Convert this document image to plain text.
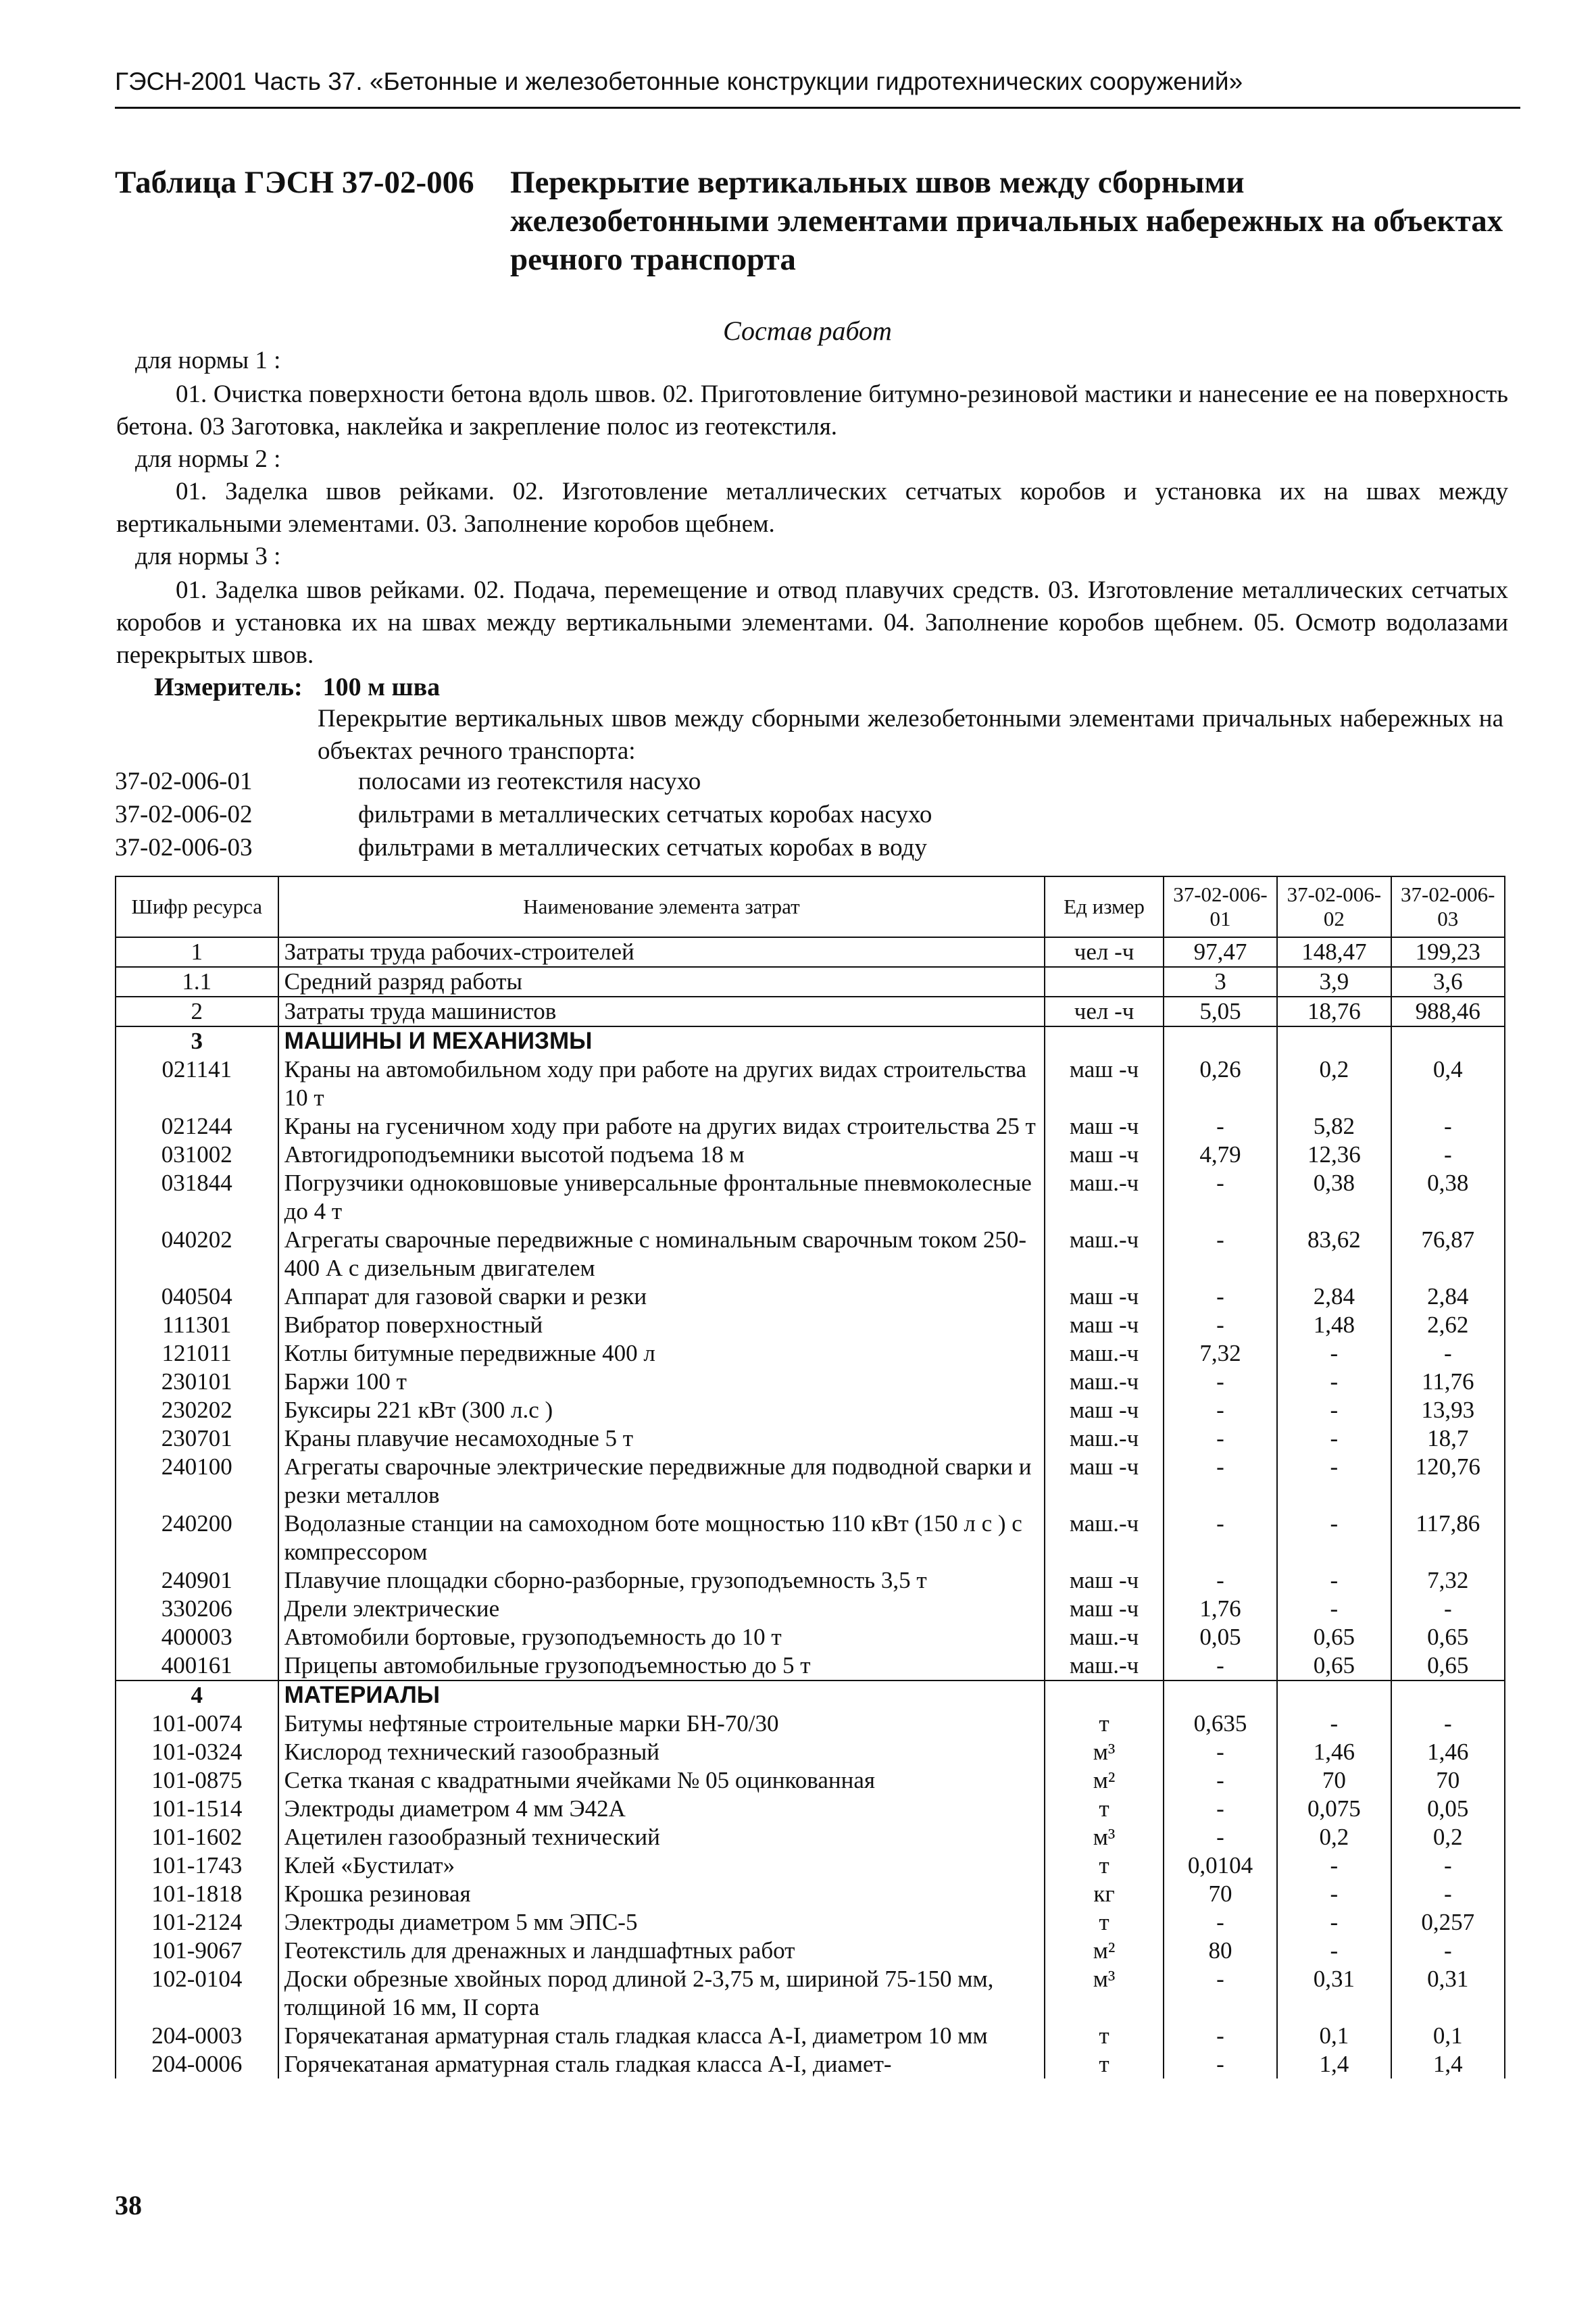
ГЭСН-2001 Часть 37. «Бетонные и железобетонные конструкции гидротехнических сооружений»
Таблица ГЭСН 37-02-006 Перекрытие вертикальных швов между сборными железобетонными элементами причальных набережных на объектах речного транспорта
Состав работ
для нормы 1 :
01. Очистка поверхности бетона вдоль швов. 02. Приготовление битумно-резиновой мастики и нанесение ее на поверхность бетона. 03 Заготовка, наклейка и закрепление полос из геотекстиля.
для нормы 2 :
01. Заделка швов рейками. 02. Изготовление металлических сетчатых коробов и установка их на швах между вертикальными элементами. 03. Заполнение коробов щебнем.
для нормы 3 :
01. Заделка швов рейками. 02. Подача, перемещение и отвод плавучих средств. 03. Изготовление металлических сетчатых коробов и установка их на швах между вертикальными элементами. 04. Заполнение коробов щебнем. 05. Осмотр водолазами перекрытых швов.
Измеритель: 100 м шва
Перекрытие вертикальных швов между сборными железобетонными элементами причальных набережных на объектах речного транспорта:
37-02-006-01	полосами из геотекстиля насухо
37-02-006-02	фильтрами в металлических сетчатых коробах насухо
37-02-006-03	фильтрами в металлических сетчатых коробах в воду
Шифр ресурса	Наименование элемента затрат	Ед измер	37-02-006-01	37-02-006-02	37-02-006-03
1	Затраты труда рабочих-строителей	чел -ч	97,47	148,47	199,23
1.1	Средний разряд работы		3	3,9	3,6
2	Затраты труда машинистов	чел -ч	5,05	18,76	988,46
3	МАШИНЫ И МЕХАНИЗМЫ				
021141	Краны на автомобильном ходу при работе на других видах строительства 10 т	маш -ч	0,26	0,2	0,4
021244	Краны на гусеничном ходу при работе на других видах строительства 25 т	маш -ч	-	5,82	-
031002	Автогидроподъемники высотой подъема 18 м	маш -ч	4,79	12,36	-
031844	Погрузчики одноковшовые универсальные фронтальные пневмоколесные до 4 т	маш.-ч	-	0,38	0,38
040202	Агрегаты сварочные передвижные с номинальным сварочным током 250-400 А с дизельным двигателем	маш.-ч	-	83,62	76,87
040504	Аппарат для газовой сварки и резки	маш -ч	-	2,84	2,84
111301	Вибратор поверхностный	маш -ч	-	1,48	2,62
121011	Котлы битумные передвижные 400 л	маш.-ч	7,32	-	-
230101	Баржи 100 т	маш.-ч	-	-	11,76
230202	Буксиры 221 кВт (300 л.с )	маш -ч	-	-	13,93
230701	Краны плавучие несамоходные 5 т	маш.-ч	-	-	18,7
240100	Агрегаты сварочные электрические передвижные для подводной сварки и резки металлов	маш -ч	-	-	120,76
240200	Водолазные станции на самоходном боте мощностью 110 кВт (150 л с ) с компрессором	маш.-ч	-	-	117,86
240901	Плавучие площадки сборно-разборные, грузоподъемность 3,5 т	маш -ч	-	-	7,32
330206	Дрели электрические	маш -ч	1,76	-	-
400003	Автомобили бортовые, грузоподъемность до 10 т	маш.-ч	0,05	0,65	0,65
400161	Прицепы автомобильные грузоподъемностью до 5 т	маш.-ч	-	0,65	0,65
4	МАТЕРИАЛЫ				
101-0074	Битумы нефтяные строительные марки БН-70/30	т	0,635	-	-
101-0324	Кислород технический газообразный	м³	-	1,46	1,46
101-0875	Сетка тканая с квадратными ячейками № 05 оцинкованная	м²	-	70	70
101-1514	Электроды диаметром 4 мм Э42А	т	-	0,075	0,05
101-1602	Ацетилен газообразный технический	м³	-	0,2	0,2
101-1743	Клей «Бустилат»	т	0,0104	-	-
101-1818	Крошка резиновая	кг	70	-	-
101-2124	Электроды диаметром 5 мм ЭПС-5	т	-	-	0,257
101-9067	Геотекстиль для дренажных и ландшафтных работ	м²	80	-	-
102-0104	Доски обрезные хвойных пород длиной 2-3,75 м, шириной 75-150 мм, толщиной 16 мм, II сорта	м³	-	0,31	0,31
204-0003	Горячекатаная арматурная сталь гладкая класса А-I, диаметром 10 мм	т	-	0,1	0,1
204-0006	Горячекатаная арматурная сталь гладкая класса А-I, диамет-	т	-	1,4	1,4
38
